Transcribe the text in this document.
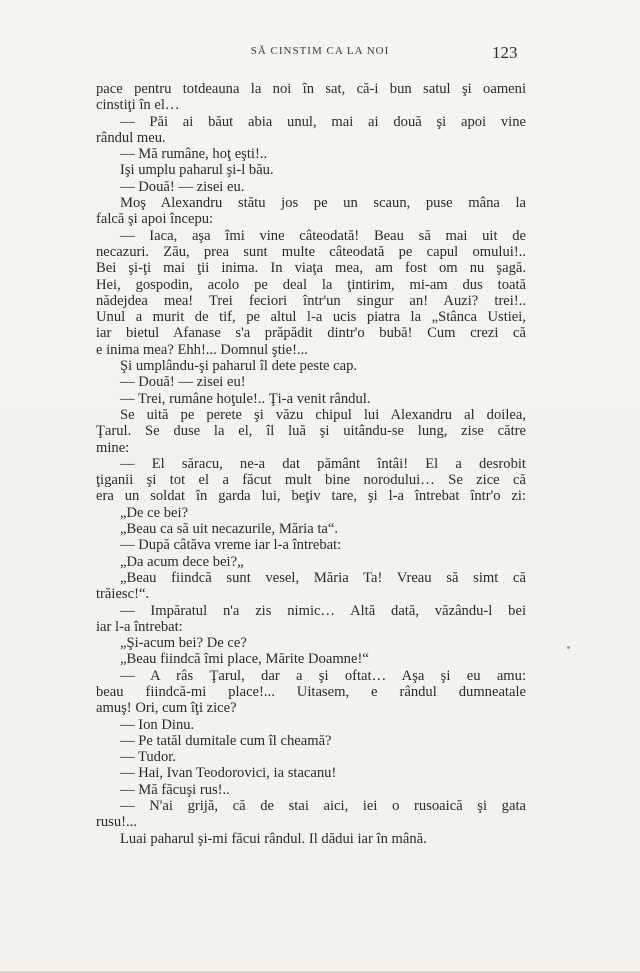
SĂ CINSTIM CA LA NOI	123
pace pentru totdeauna la noi în sat, că-i bun satul şi oameni
cinstiţi în el…
— Păi ai băut abia unul, mai ai două şi apoi vine
rândul meu.
— Mă rumâne, hoţ eşti!..
Işi umplu paharul şi-l bău.
— Două! — zisei eu.
Moş Alexandru stătu jos pe un scaun, puse mâna la
falcă şi apoi începu:
— Iaca, aşa îmi vine câteodată! Beau să mai uit de
necazuri. Zău, prea sunt multe câteodată pe capul omului!..
Bei şi-ţi mai ţii inima. In viaţa mea, am fost om nu şagă.
Hei, gospodin, acolo pe deal la ţintirim, mi-am dus toată
nădejdea mea! Trei feciori într'un singur an! Auzi? trei!..
Unul a murit de tif, pe altul l-a ucis piatra la „Stânca Ustiei,
iar bietul Afanase s'a prăpădit dintr'o bubă! Cum crezi că
e inima mea? Ehh!... Domnul ştie!...
Şi umplându-şi paharul îl dete peste cap.
— Două! — zisei eu!
— Trei, rumâne hoţule!.. Ţi-a venit rândul.
Se uită pe perete şi văzu chipul lui Alexandru al doilea,
Ţarul. Se duse la el, îl luă şi uitându-se lung, zise către
mine:
— El săracu, ne-a dat pământ întâi! El a desrobit
ţiganii şi tot el a făcut mult bine norodului… Se zice că
era un soldat în garda lui, beţiv tare, şi l-a întrebat într'o zi:
„De ce bei?
„Beau ca să uit necazurile, Măria ta“.
— După câtăva vreme iar l-a întrebat:
„Da acum dece bei?„
„Beau fiindcă sunt vesel, Măria Ta! Vreau să simt că
trăiesc!“.
— Impăratul n'a zis nimic… Altă dată, văzându-l bei
iar l-a întrebat:
„Şi-acum bei? De ce?
„Beau fiindcă îmi place, Mărite Doamne!“
— A râs Ţarul, dar a şi oftat… Aşa şi eu amu:
beau fiindcă-mi place!... Uitasem, e rândul dumneatale
amuş! Ori, cum îţi zice?
— Ion Dinu.
— Pe tatăl dumitale cum îl cheamă?
— Tudor.
— Hai, Ivan Teodorovici, ia stacanu!
— Mă făcuşi rus!..
— N'ai grijă, că de stai aici, iei o rusoaică şi gata
rusu!...
Luai paharul şi-mi făcui rândul. Il dădui iar în mână.
